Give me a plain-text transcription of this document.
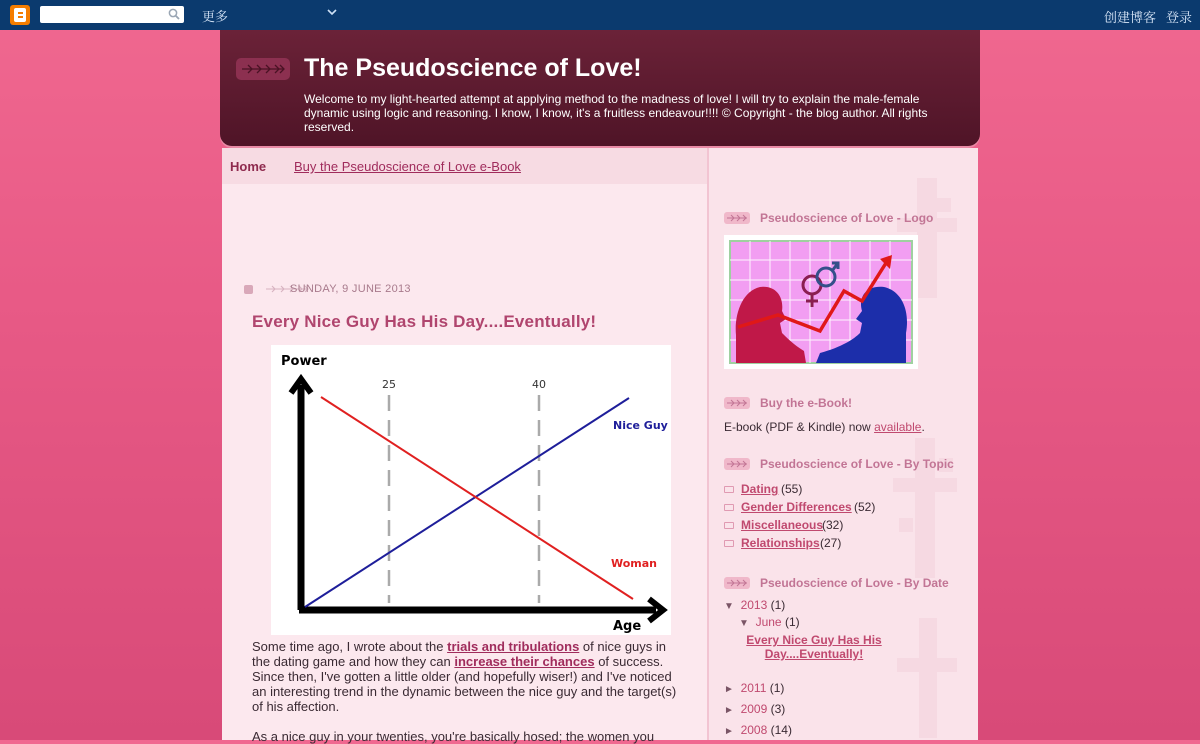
更多	创建博客 登录
The Pseudoscience of Love!
Welcome to my light-hearted attempt at applying method to the madness of love! I will try to explain the male-female dynamic using logic and reasoning. I know, I know, it's a fruitless endeavour!!!! © Copyright - the blog author. All rights reserved.
Home Buy the Pseudoscience of Love e-Book
SUNDAY, 9 JUNE 2013
Every Nice Guy Has His Day....Eventually!
Power
Age
25	40
Nice Guy
Woman
Some time ago, I wrote about the trials and tribulations of nice guys in the dating game and how they can increase their chances of success. Since then, I've gotten a little older (and hopefully wiser!) and I've noticed an interesting trend in the dynamic between the nice guy and the target(s) of his affection.
As a nice guy in your twenties, you're basically hosed; the women you
Pseudoscience of Love - Logo
Buy the e-Book!
E-book (PDF & Kindle) now available.
Pseudoscience of Love - By Topic
Dating (55)
Gender Differences (52)
Miscellaneous
(32)
Relationships (27)
Pseudoscience of Love - By Date
▼ 2013 (1)
▼ June (1)
Every Nice Guy Has His
Day....Eventually!
► 2011 (1)
► 2009 (3)
► 2008 (14)
